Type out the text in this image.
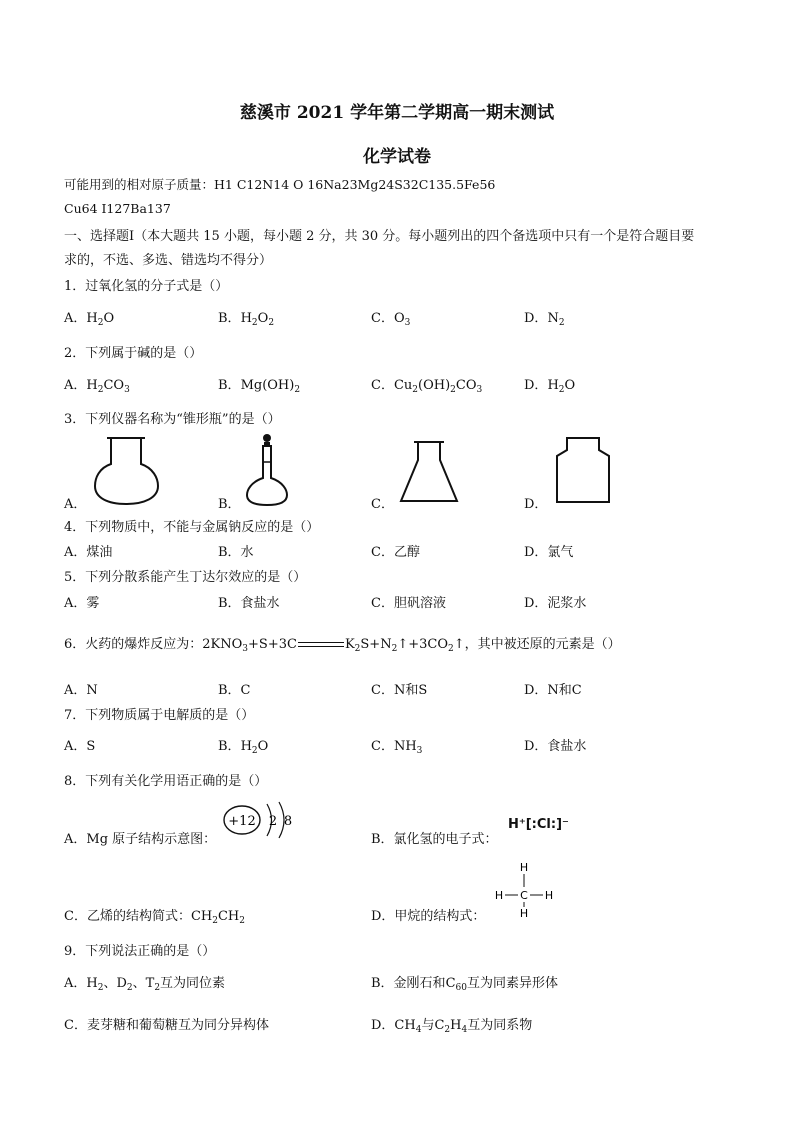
慈溪市 2021 学年第二学期高一期末测试
化学试卷
可能用到的相对原子质量：H1 C12N14 O 16Na23Mg24S32C135.5Fe56
Cu64 I127Ba137
一、选择题Ⅰ（本大题共 15 小题，每小题 2 分，共 30 分。每小题列出的四个备选项中只有一个是符合题目要
求的，不选、多选、错选均不得分）
1．过氧化氢的分子式是（）
A．$H_2O$	B．$H_2O_2$	C．$O_3$	D．$N_2$
2．下列属于碱的是（）
A．$H_2CO_3$	B．$Mg(OH)_2$	C．$Cu_2(OH)_2CO_3$	D．$H_2O$
3．下列仪器名称为“锥形瓶”的是（）
A．	B．	C．	D．
4．下列物质中，不能与金属钠反应的是（）
A．煤油	B．水	C．乙醇	D．氯气
5．下列分散系能产生丁达尔效应的是（）
A．雾	B．食盐水	C．胆矾溶液	D．泥浆水
6．火药的爆炸反应为：$2KNO_3+S+3C$	$K_2S+N_2↑+3CO_2↑$，其中被还原的元素是（）
A．N	B．C	C．N和S	D．N和C
7．下列物质属于电解质的是（）
A．S	B．$H_2O$	C．$NH_3$	D．食盐水
8．下列有关化学用语正确的是（）
A．Mg 原子结构示意图：
+12 2 8
B．氯化氢的电子式：
H⁺[:Cl:]⁻
C．乙烯的结构简式：$CH_2CH_2$	D．甲烷的结构式：
C
H
H
H	H
9．下列说法正确的是（）
A．$H_2$、$D_2$、$T_2$互为同位素	B．金刚石和$C_{60}$互为同素异形体
C．麦芽糖和葡萄糖互为同分异构体	D．$CH_4$与$C_2H_4$互为同系物
